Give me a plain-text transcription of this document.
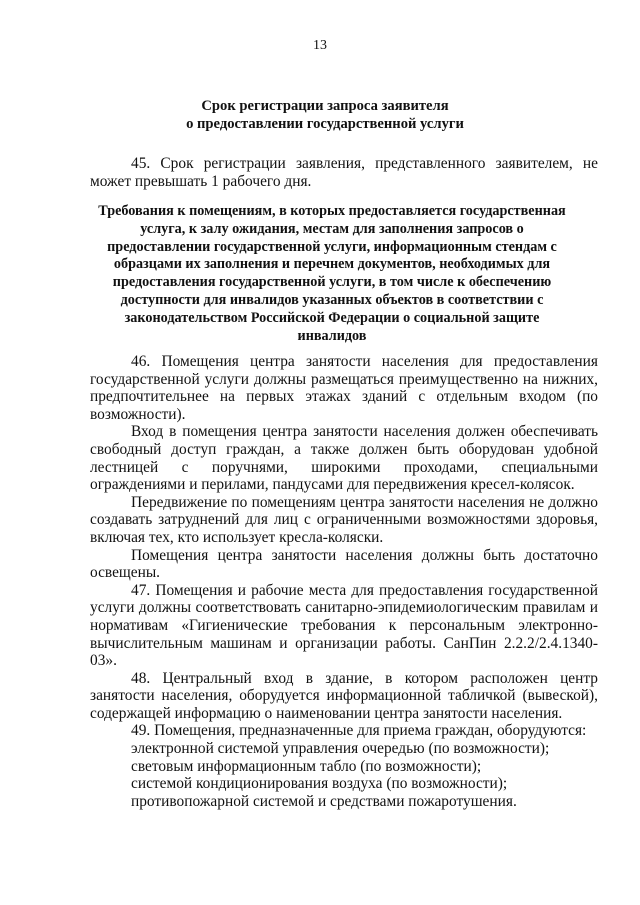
13
Срок регистрации запроса заявителя
о предоставлении государственной услуги

45. Срок регистрации заявления, представленного заявителем, не может превышать 1 рабочего дня.

Требования к помещениям, в которых предоставляется государственная услуга, к залу ожидания, местам для заполнения запросов о предоставлении государственной услуги, информационным стендам с образцами их заполнения и перечнем документов, необходимых для предоставления государственной услуги, в том числе к обеспечению доступности для инвалидов указанных объектов в соответствии с законодательством Российской Федерации о социальной защите инвалидов

46. Помещения центра занятости населения для предоставления государственной услуги должны размещаться преимущественно на нижних, предпочтительнее на первых этажах зданий с отдельным входом (по возможности).

Вход в помещения центра занятости населения должен обеспечивать свободный доступ граждан, а также должен быть оборудован удобной лестницей с поручнями, широкими проходами, специальными ограждениями и перилами, пандусами для передвижения кресел-колясок.

Передвижение по помещениям центра занятости населения не должно создавать затруднений для лиц с ограниченными возможностями здоровья, включая тех, кто использует кресла-коляски.

Помещения центра занятости населения должны быть достаточно освещены.

47. Помещения и рабочие места для предоставления государственной услуги должны соответствовать санитарно-эпидемиологическим правилам и нормативам «Гигиенические требования к персональным электронно-вычислительным машинам и организации работы. СанПин 2.2.2/2.4.1340-03».

48. Центральный вход в здание, в котором расположен центр занятости населения, оборудуется информационной табличкой (вывеской), содержащей информацию о наименовании центра занятости населения.

49. Помещения, предназначенные для приема граждан, оборудуются:

электронной системой управления очередью (по возможности);

световым информационным табло (по возможности);

системой кондиционирования воздуха (по возможности);

противопожарной системой и средствами пожаротушения.
